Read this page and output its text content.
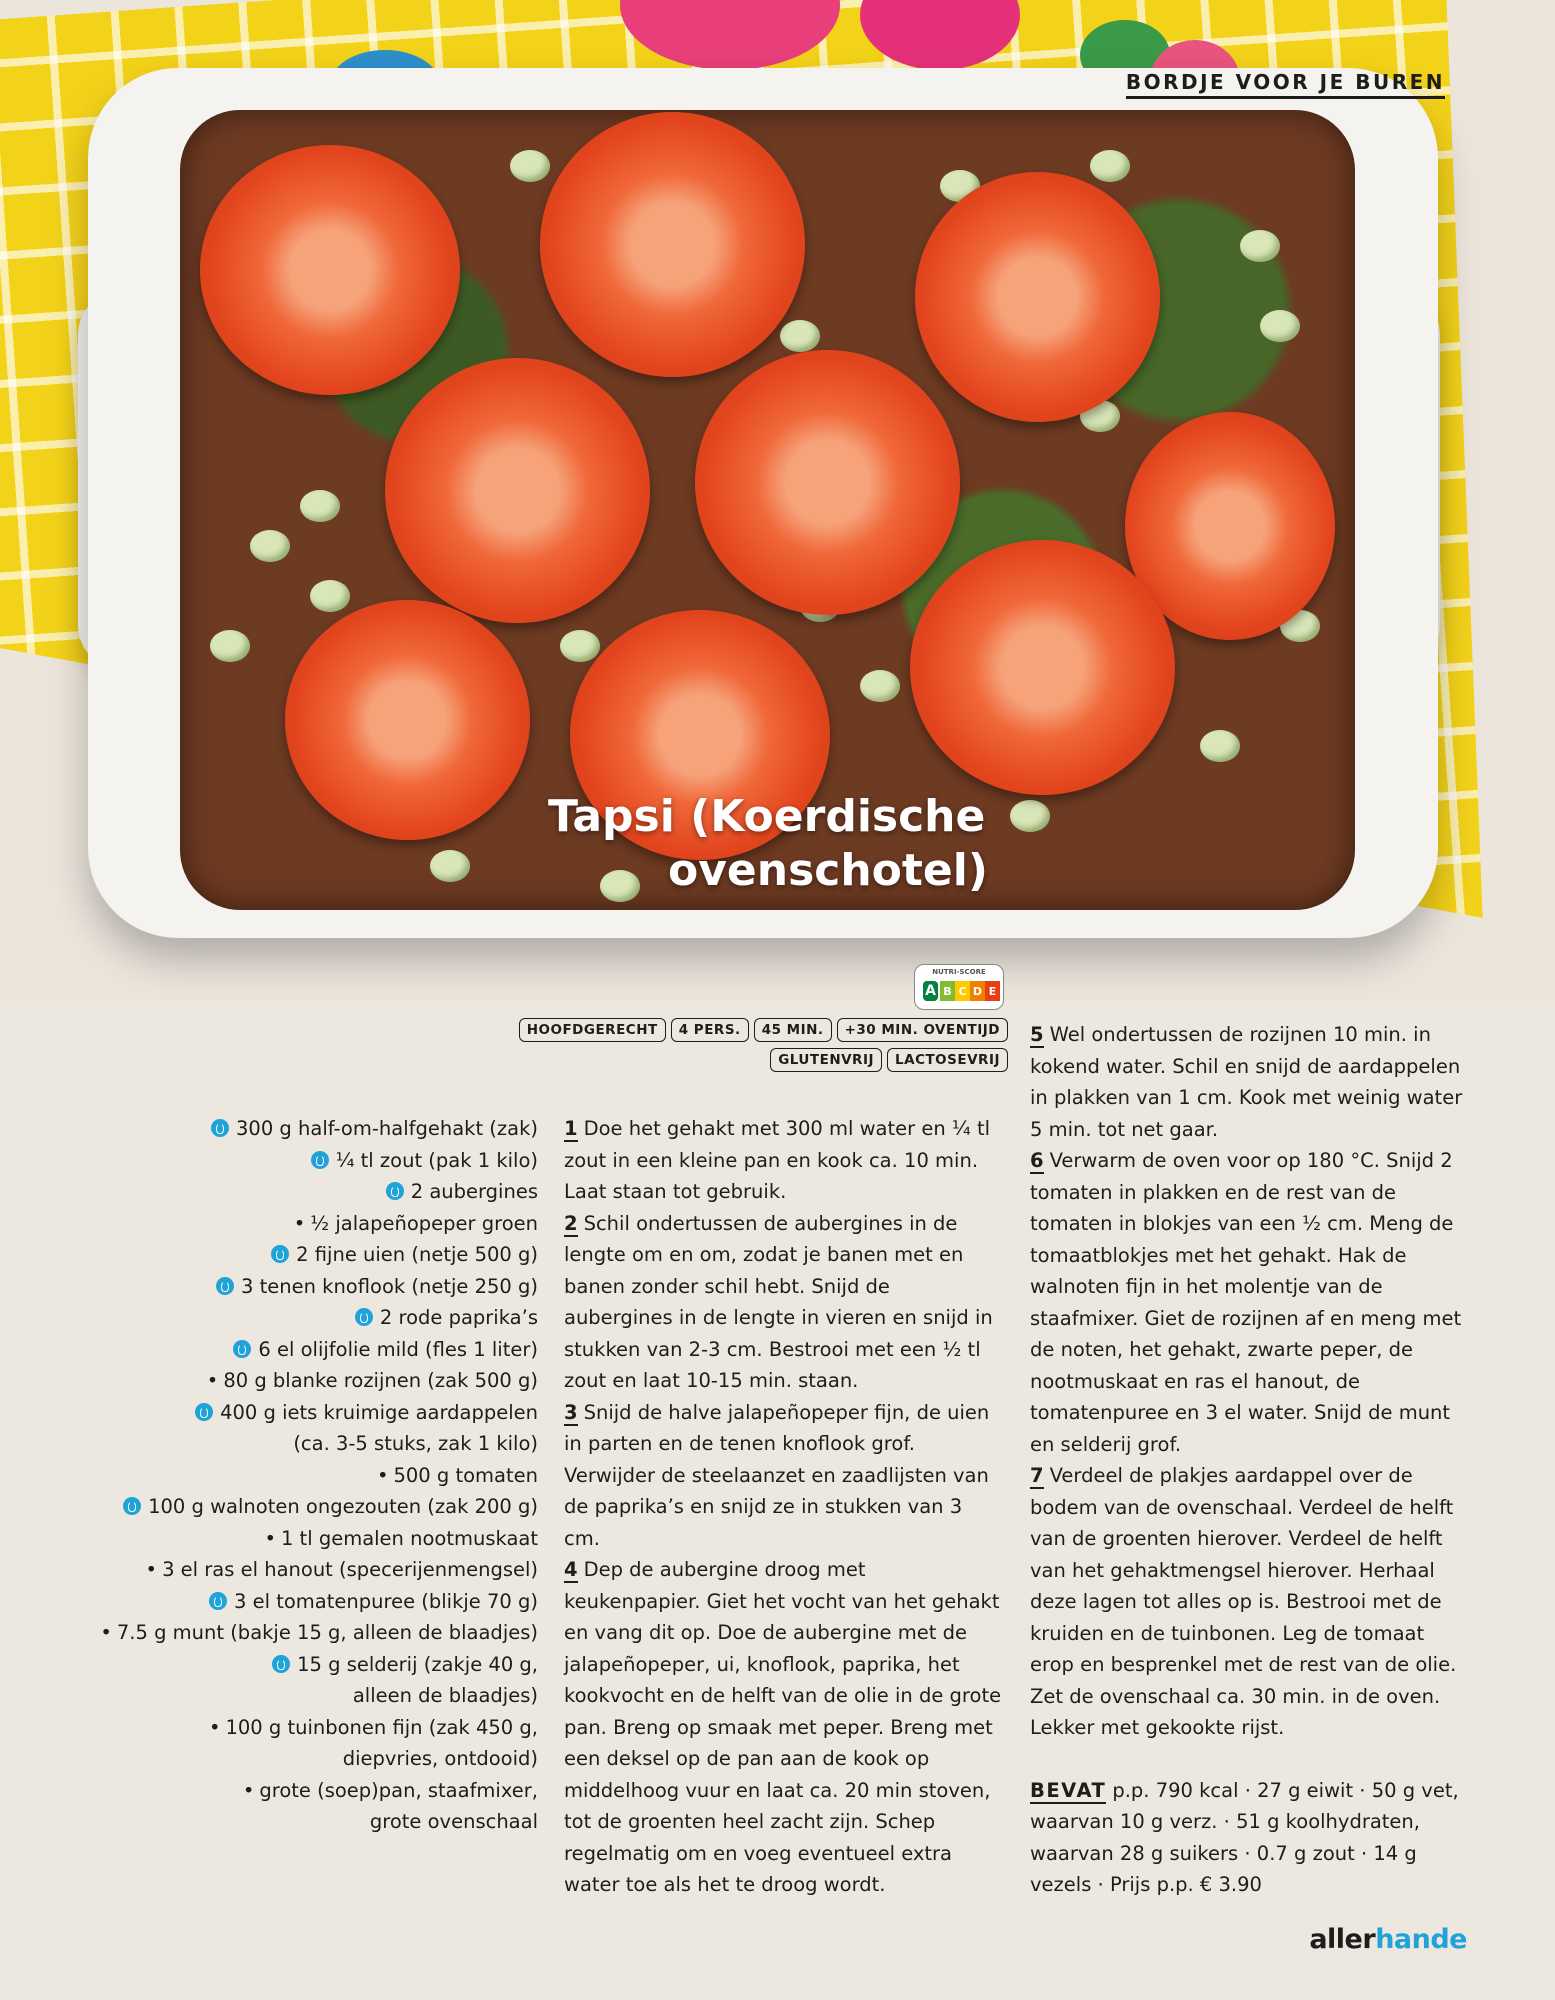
Tapsi (Koerdische
ovenschotel)
BORDJE VOOR JE BUREN
NUTRI-SCORE
A B C D E
HOOFDGERECHT	4 PERS.	45 MIN.	+30 MIN. OVENTIJD
GLUTENVRIJ	LACTOSEVRIJ
300 g half-om-halfgehakt (zak)
¼ tl zout (pak 1 kilo)
2 aubergines
• ½ jalapeñopeper groen
2 fijne uien (netje 500 g)
3 tenen knoflook (netje 250 g)
2 rode paprika’s
6 el olijfolie mild (fles 1 liter)
• 80 g blanke rozijnen (zak 500 g)
400 g iets kruimige aardappelen
(ca. 3-5 stuks, zak 1 kilo)
• 500 g tomaten
100 g walnoten ongezouten (zak 200 g)
• 1 tl gemalen nootmuskaat
• 3 el ras el hanout (specerijenmengsel)
3 el tomatenpuree (blikje 70 g)
• 7.5 g munt (bakje 15 g, alleen de blaadjes)
15 g selderij (zakje 40 g,
alleen de blaadjes)
• 100 g tuinbonen fijn (zak 450 g,
diepvries, ontdooid)
• grote (soep)pan, staafmixer,
grote ovenschaal

1 Doe het gehakt met 300 ml water en ¼ tl zout in een kleine pan en kook ca. 10 min. Laat staan tot gebruik.

2 Schil ondertussen de aubergines in de lengte om en om, zodat je banen met en banen zonder schil hebt. Snijd de aubergines in de lengte in vieren en snijd in stukken van 2-3 cm. Bestrooi met een ½ tl zout en laat 10-15 min. staan.

3 Snijd de halve jalapeñopeper fijn, de uien in parten en de tenen knoflook grof. Verwijder de steelaanzet en zaadlijsten van de paprika’s en snijd ze in stukken van 3 cm.

4 Dep de aubergine droog met keukenpapier. Giet het vocht van het gehakt en vang dit op. Doe de aubergine met de jalapeñopeper, ui, knoflook, paprika, het kookvocht en de helft van de olie in de grote pan. Breng op smaak met peper. Breng met een deksel op de pan aan de kook op middelhoog vuur en laat ca. 20 min stoven, tot de groenten heel zacht zijn. Schep regelmatig om en voeg eventueel extra water toe als het te droog wordt.

5 Wel ondertussen de rozijnen 10 min. in kokend water. Schil en snijd de aardappelen in plakken van 1 cm. Kook met weinig water 5 min. tot net gaar.

6 Verwarm de oven voor op 180 °C. Snijd 2 tomaten in plakken en de rest van de tomaten in blokjes van een ½ cm. Meng de tomaatblokjes met het gehakt. Hak de walnoten fijn in het molentje van de staafmixer. Giet de rozijnen af en meng met de noten, het gehakt, zwarte peper, de nootmuskaat en ras el hanout, de tomatenpuree en 3 el water. Snijd de munt en selderij grof.

7 Verdeel de plakjes aardappel over de bodem van de ovenschaal. Verdeel de helft van de groenten hierover. Verdeel de helft van het gehaktmengsel hierover. Herhaal deze lagen tot alles op is. Bestrooi met de kruiden en de tuinbonen. Leg de tomaat erop en besprenkel met de rest van de olie. Zet de ovenschaal ca. 30 min. in de oven. Lekker met gekookte rijst.

BEVAT p.p. 790 kcal · 27 g eiwit · 50 g vet, waarvan 10 g verz. · 51 g koolhydraten, waarvan 28 g suikers · 0.7 g zout · 14 g vezels · Prijs p.p. € 3.90

allerhande
